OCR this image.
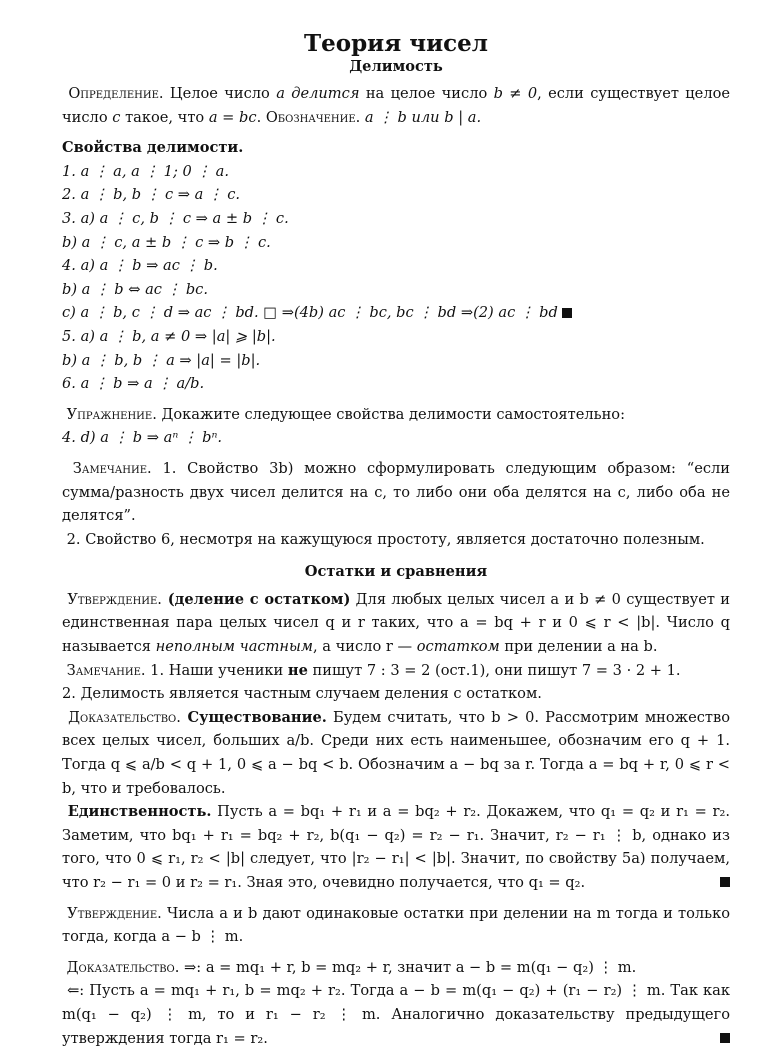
Теория чисел

Делимость

Определение. Целое число a делится на целое число b ≠ 0, если существует целое число c такое, что a = bc. Обозначение. a ⋮ b или b | a.

Свойства делимости.

1. a ⋮ a, a ⋮ 1; 0 ⋮ a.

2. a ⋮ b, b ⋮ c ⇒ a ⋮ c.

3. a) a ⋮ c, b ⋮ c ⇒ a ± b ⋮ c.

b) a ⋮ c, a ± b ⋮ c ⇒ b ⋮ c.

4. a) a ⋮ b ⇒ ac ⋮ b.

b) a ⋮ b ⇔ ac ⋮ bc.

c) a ⋮ b, c ⋮ d ⇒ ac ⋮ bd. □ ⇒(4b) ac ⋮ bc, bc ⋮ bd ⇒(2) ac ⋮ bd

5. a) a ⋮ b, a ≠ 0 ⇒ |a| ⩾ |b|.

b) a ⋮ b, b ⋮ a ⇒ |a| = |b|.

6. a ⋮ b ⇒ a ⋮ a/b.

Упражнение. Докажите следующее свойства делимости самостоятельно:

4. d) a ⋮ b ⇒ aⁿ ⋮ bⁿ.

Замечание. 1. Свойство 3b) можно сформулировать следующим образом: “если сумма/разность двух чисел делится на c, то либо они оба делятся на c, либо оба не делятся”.

2. Свойство 6, несмотря на кажущуюся простоту, является достаточно полезным.

Остатки и сравнения

Утверждение. (деление с остатком) Для любых целых чисел a и b ≠ 0 существует и единственная пара целых чисел q и r таких, что a = bq + r и 0 ⩽ r < |b|. Число q называется неполным частным, а число r — остатком при делении a на b.

Замечание. 1. Наши ученики не пишут 7 : 3 = 2 (ост.1), они пишут 7 = 3 · 2 + 1.

2. Делимость является частным случаем деления с остатком.

Доказательство. Существование. Будем считать, что b > 0. Рассмотрим множество всех целых чисел, больших a/b. Среди них есть наименьшее, обозначим его q + 1. Тогда q ⩽ a/b < q + 1, 0 ⩽ a − bq < b. Обозначим a − bq за r. Тогда a = bq + r, 0 ⩽ r < b, что и требовалось.

Единственность. Пусть a = bq₁ + r₁ и a = bq₂ + r₂. Докажем, что q₁ = q₂ и r₁ = r₂. Заметим, что bq₁ + r₁ = bq₂ + r₂, b(q₁ − q₂) = r₂ − r₁. Значит, r₂ − r₁ ⋮ b, однако из того, что 0 ⩽ r₁, r₂ < |b| следует, что |r₂ − r₁| < |b|. Значит, по свойству 5a) получаем, что r₂ − r₁ = 0 и r₂ = r₁. Зная это, очевидно получается, что q₁ = q₂.

Утверждение. Числа a и b дают одинаковые остатки при делении на m тогда и только тогда, когда a − b ⋮ m.

Доказательство. ⇒: a = mq₁ + r, b = mq₂ + r, значит a − b = m(q₁ − q₂) ⋮ m.

⇐: Пусть a = mq₁ + r₁, b = mq₂ + r₂. Тогда a − b = m(q₁ − q₂) + (r₁ − r₂) ⋮ m. Так как m(q₁ − q₂) ⋮ m, то и r₁ − r₂ ⋮ m. Аналогично доказательству предыдущего утверждения тогда r₁ = r₂.
